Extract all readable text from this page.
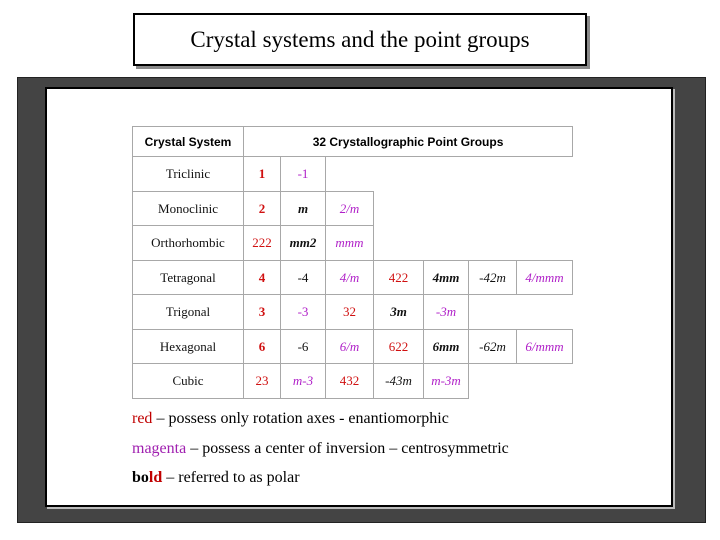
Crystal systems and the point groups
Crystal System	32 Crystallographic Point Groups						
Triclinic	1	-1					
Monoclinic	2	m	2/m				
Orthorhombic	222	mm2	mmm				
Tetragonal	4	-4	4/m	422	4mm	-42m	4/mmm
Trigonal	3	-3	32	3m	-3m		
Hexagonal	6	-6	6/m	622	6mm	-62m	6/mmm
Cubic	23	m-3	432	-43m	m-3m		
red – possess only rotation axes - enantiomorphic
magenta – possess a center of inversion – centrosymmetric
bold – referred to as polar
